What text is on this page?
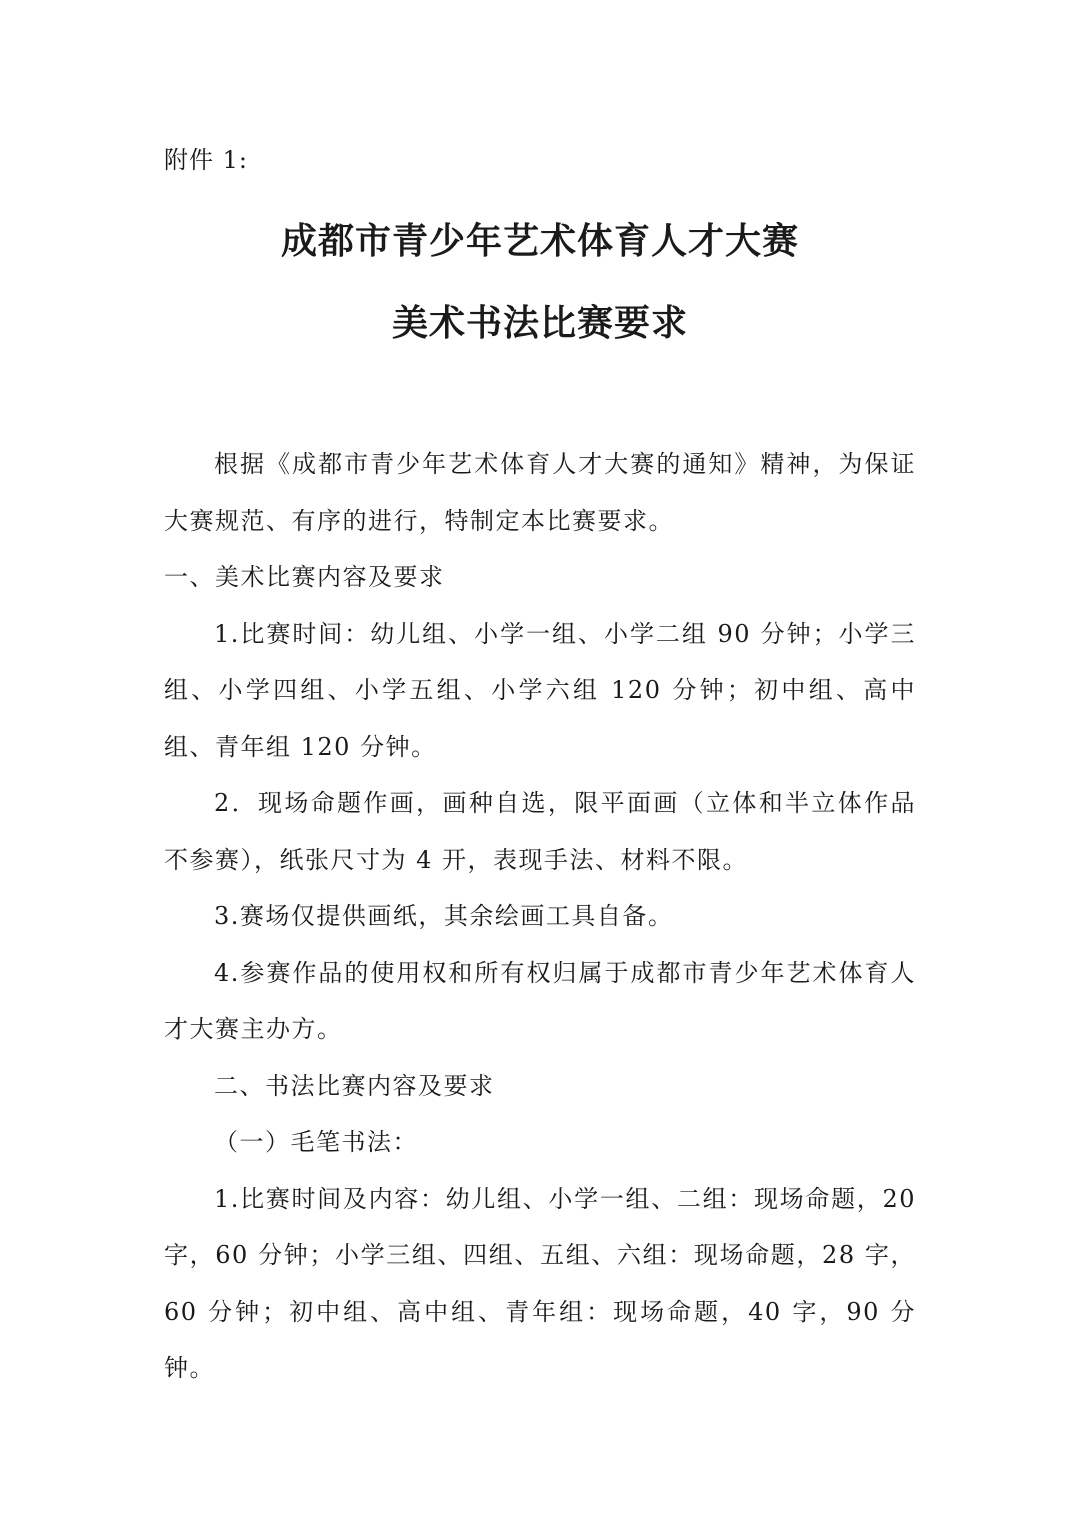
附件 1:
成都市青少年艺术体育人才大赛
美术书法比赛要求

根据《成都市青少年艺术体育人才大赛的通知》精神，为保证大赛规范、有序的进行，特制定本比赛要求。

一、美术比赛内容及要求

1.比赛时间：幼儿组、小学一组、小学二组 90 分钟；小学三组、小学四组、小学五组、小学六组 120 分钟；初中组、高中组、青年组 120 分钟。

2．现场命题作画，画种自选，限平面画（立体和半立体作品不参赛），纸张尺寸为 4 开，表现手法、材料不限。

3.赛场仅提供画纸，其余绘画工具自备。

4.参赛作品的使用权和所有权归属于成都市青少年艺术体育人才大赛主办方。

二、书法比赛内容及要求

（一）毛笔书法：

1.比赛时间及内容：幼儿组、小学一组、二组：现场命题，20 字，60 分钟；小学三组、四组、五组、六组：现场命题，28 字，60 分钟；初中组、高中组、青年组：现场命题，40 字，90 分钟。
